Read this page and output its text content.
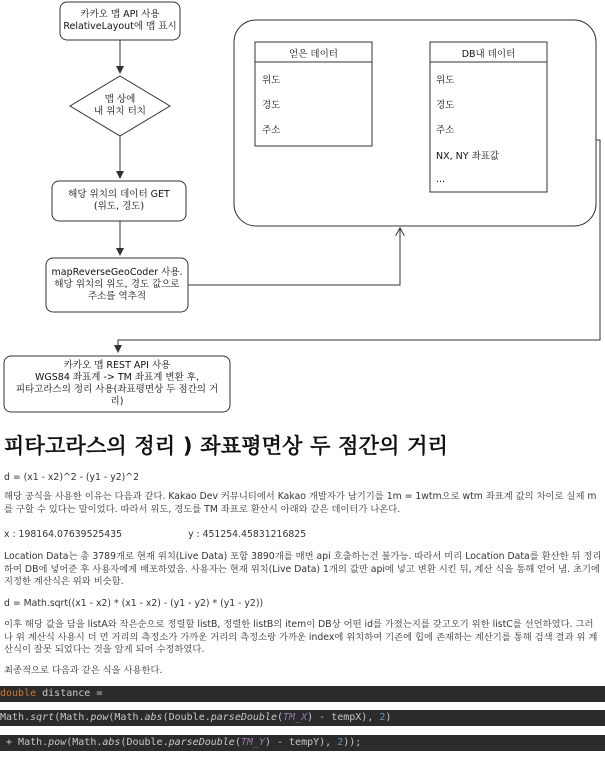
카카오 맵 API 사용
RelativeLayout에 맵 표시
맵 상에
내 위치 터치
해당 위치의 데이터 GET
(위도, 경도)
mapReverseGeoCoder 사용.
해당 위치의 위도, 경도 값으로
주소를 역추적
카카오 맵 REST API 사용
WGS84 좌표계 -> TM 좌표계 변환 후,
피타고라스의 정리 사용(좌표평면상 두 점간의 거
리)
얻은 데이터
위도
경도
주소
DB내 데이터
위도
경도
주소
NX, NY 좌표값
...
피타고라스의 정리 ) 좌표평면상 두 점간의 거리

d = (x1 - x2)^2 - (y1 - y2)^2

해당 공식을 사용한 이유는 다음과 같다. Kakao Dev 커뮤니티에서 Kakao 개발자가 남기기를 1m = 1wtm으로 wtm 좌표계 값의 차이로 실제 m를 구할 수 있다는 말이었다. 따라서 위도, 경도를 TM 좌표로 환산시 아래와 같은 데이터가 나온다.

x : 198164.07639525435	y : 451254.45831216825

Location Data는 총 3789개로 현재 위치(Live Data) 포함 3890개를 매번 api 호출하는건 불가능. 따라서 미리 Location Data를 환산한 뒤 정리하여 DB에 넣어준 후 사용자에게 배포하였음. 사용자는 현재 위치(Live Data) 1개의 값만 api에 넣고 변환 시킨 뒤, 계산 식을 통해 얻어 냄. 초기에 지정한 계산식은 위와 비슷함.

d = Math.sqrt((x1 - x2) * (x1 - x2) - (y1 - y2) * (y1 - y2))

이후 해당 값을 담을 listA와 작은순으로 정렬할 listB, 정렬한 listB의 item이 DB상 어떤 id를 가졌는지를 갖고오기 위한 listC를 선언하였다. 그러나 위 계산식 사용시 더 먼 거리의 측정소가 가까운 거리의 측정소랑 가까운 index에 위치하여 기존에 힙에 존재하는 계산기를 통해 검색 결과 위 계산식이 잘못 되었다는 것을 알게 되어 수정하였다.

최종적으로 다음과 같은 식을 사용한다.

double distance =
Math.sqrt(Math.pow(Math.abs(Double.parseDouble(TM_X) - tempX), 2)
+ Math.pow(Math.abs(Double.parseDouble(TM_Y) - tempY), 2));
